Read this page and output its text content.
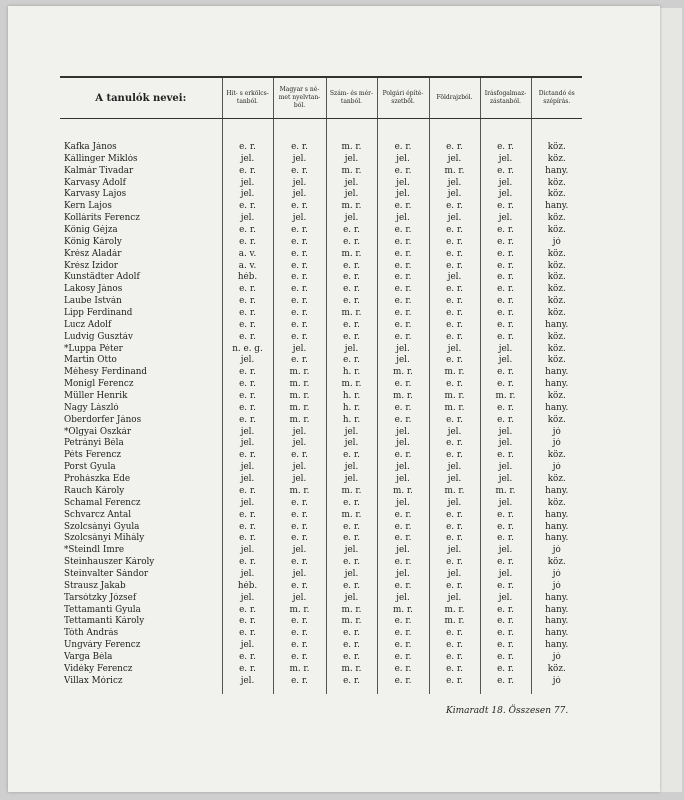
A tanulók nevei:	Hit- s erkölcs-tanból.	Magyar s né-met nyelvtan-ból.	Szám- és mér-tanból.	Polgári építé-szetből.	Földrajzból.	Irásfogalmaz-zástanból.	Dictandó és szépírás.

Kafka János	e. r.	e. r.	m. r.	e. r.	e. r.	e. r.	köz.
Kállinger Miklós	jel.	jel.	jel.	jel.	jel.	jel.	köz.
Kalmár Tivadar	e. r.	e. r.	m. r.	e. r.	m. r.	e. r.	hany.
Karvasy Adolf	jel.	jel.	jel.	jel.	jel.	jel.	köz.
Karvasy Lajos	jel.	jel.	jel.	jel.	jel.	jel.	köz.
Kern Lajos	e. r.	e. r.	m. r.	e. r.	e. r.	e. r.	hany.
Kollárits Ferencz	jel.	jel.	jel.	jel.	jel.	jel.	köz.
Kőnig Géjza	e. r.	e. r.	e. r.	e. r.	e. r.	e. r.	köz.
Kőnig Károly	e. r.	e. r.	e. r.	e. r.	e. r.	e. r.	jó
Krész Aladár	a. v.	e. r.	m. r.	e. r.	e. r.	e. r.	köz.
Krész Izidor	a. v.	e. r.	e. r.	e. r.	e. r.	e. r.	köz.
Kunstädter Adolf	héb.	e. r.	e. r.	e. r.	jel.	e. r.	köz.
Lakosy János	e. r.	e. r.	e. r.	e. r.	e. r.	e. r.	köz.
Laube István	e. r.	e. r.	e. r.	e. r.	e. r.	e. r.	köz.
Lipp Ferdinand	e. r.	e. r.	m. r.	e. r.	e. r.	e. r.	köz.
Lucz Adolf	e. r.	e. r.	e. r.	e. r.	e. r.	e. r.	hany.
Ludvig Gusztáv	e. r.	e. r.	e. r.	e. r.	e. r.	e. r.	köz.
*Luppa Péter	n. e. g.	jel.	jel.	jel.	jel.	jel.	köz.
Martin Otto	jel.	e. r.	e. r.	jel.	e. r.	jel.	köz.
Méhesy Ferdinand	e. r.	m. r.	h. r.	m. r.	m. r.	e. r.	hany.
Monigl Ferencz	e. r.	m. r.	m. r.	e. r.	e. r.	e. r.	hany.
Müller Henrik	e. r.	m. r.	h. r.	m. r.	m. r.	m. r.	köz.
Nagy László	e. r.	m. r.	h. r.	e. r.	m. r.	e. r.	hany.
Oberdorfer János	e. r.	m. r.	h. r.	e. r.	e. r.	e. r.	köz.
*Olgyai Oszkár	jel.	jel.	jel.	jel.	jel.	jel.	jó
Petrányi Béla	jel.	jel.	jel.	jel.	e. r.	jel.	jó
Péts Ferencz	e. r.	e. r.	e. r.	e. r.	e. r.	e. r.	köz.
Porst Gyula	jel.	jel.	jel.	jel.	jel.	jel.	jó
Prohászka Ede	jel.	jel.	jel.	jel.	jel.	jel.	köz.
Rauch Károly	e. r.	m. r.	m. r.	m. r.	m. r.	m. r.	hany.
Schamal Ferencz	jel.	e. r.	e. r.	jel.	jel.	jel.	köz.
Schvarcz Antal	e. r.	e. r.	m. r.	e. r.	e. r.	e. r.	hany.
Szolcsányi Gyula	e. r.	e. r.	e. r.	e. r.	e. r.	e. r.	hany.
Szolcsányi Mihály	e. r.	e. r.	e. r.	e. r.	e. r.	e. r.	hany.
*Steindl Imre	jel.	jel.	jel.	jel.	jel.	jel.	jó
Steinhauszer Károly	e. r.	e. r.	e. r.	e. r.	e. r.	e. r.	köz.
Steinvalter Sándor	jel.	jel.	jel.	jel.	jel.	jel.	jó
Strausz Jakab	héb.	e. r.	e. r.	e. r.	e. r.	e. r.	jó
Tarsótzky József	jel.	jel.	jel.	jel.	jel.	jel.	hany.
Tettamanti Gyula	e. r.	m. r.	m. r.	m. r.	m. r.	e. r.	hany.
Tettamanti Károly	e. r.	e. r.	m. r.	e. r.	m. r.	e. r.	hany.
Tóth András	e. r.	e. r.	e. r.	e. r.	e. r.	e. r.	hany.
Ungváry Ferencz	jel.	e. r.	e. r.	e. r.	e. r.	e. r.	hany.
Varga Béla	e. r.	e. r.	e. r.	e. r.	e. r.	e. r.	jó
Vidéky Ferencz	e. r.	m. r.	m. r.	e. r.	e. r.	e. r.	köz.
Villax Móricz	jel.	e. r.	e. r.	e. r.	e. r.	e. r.	jó

Kimaradt 18. Összesen 77.
